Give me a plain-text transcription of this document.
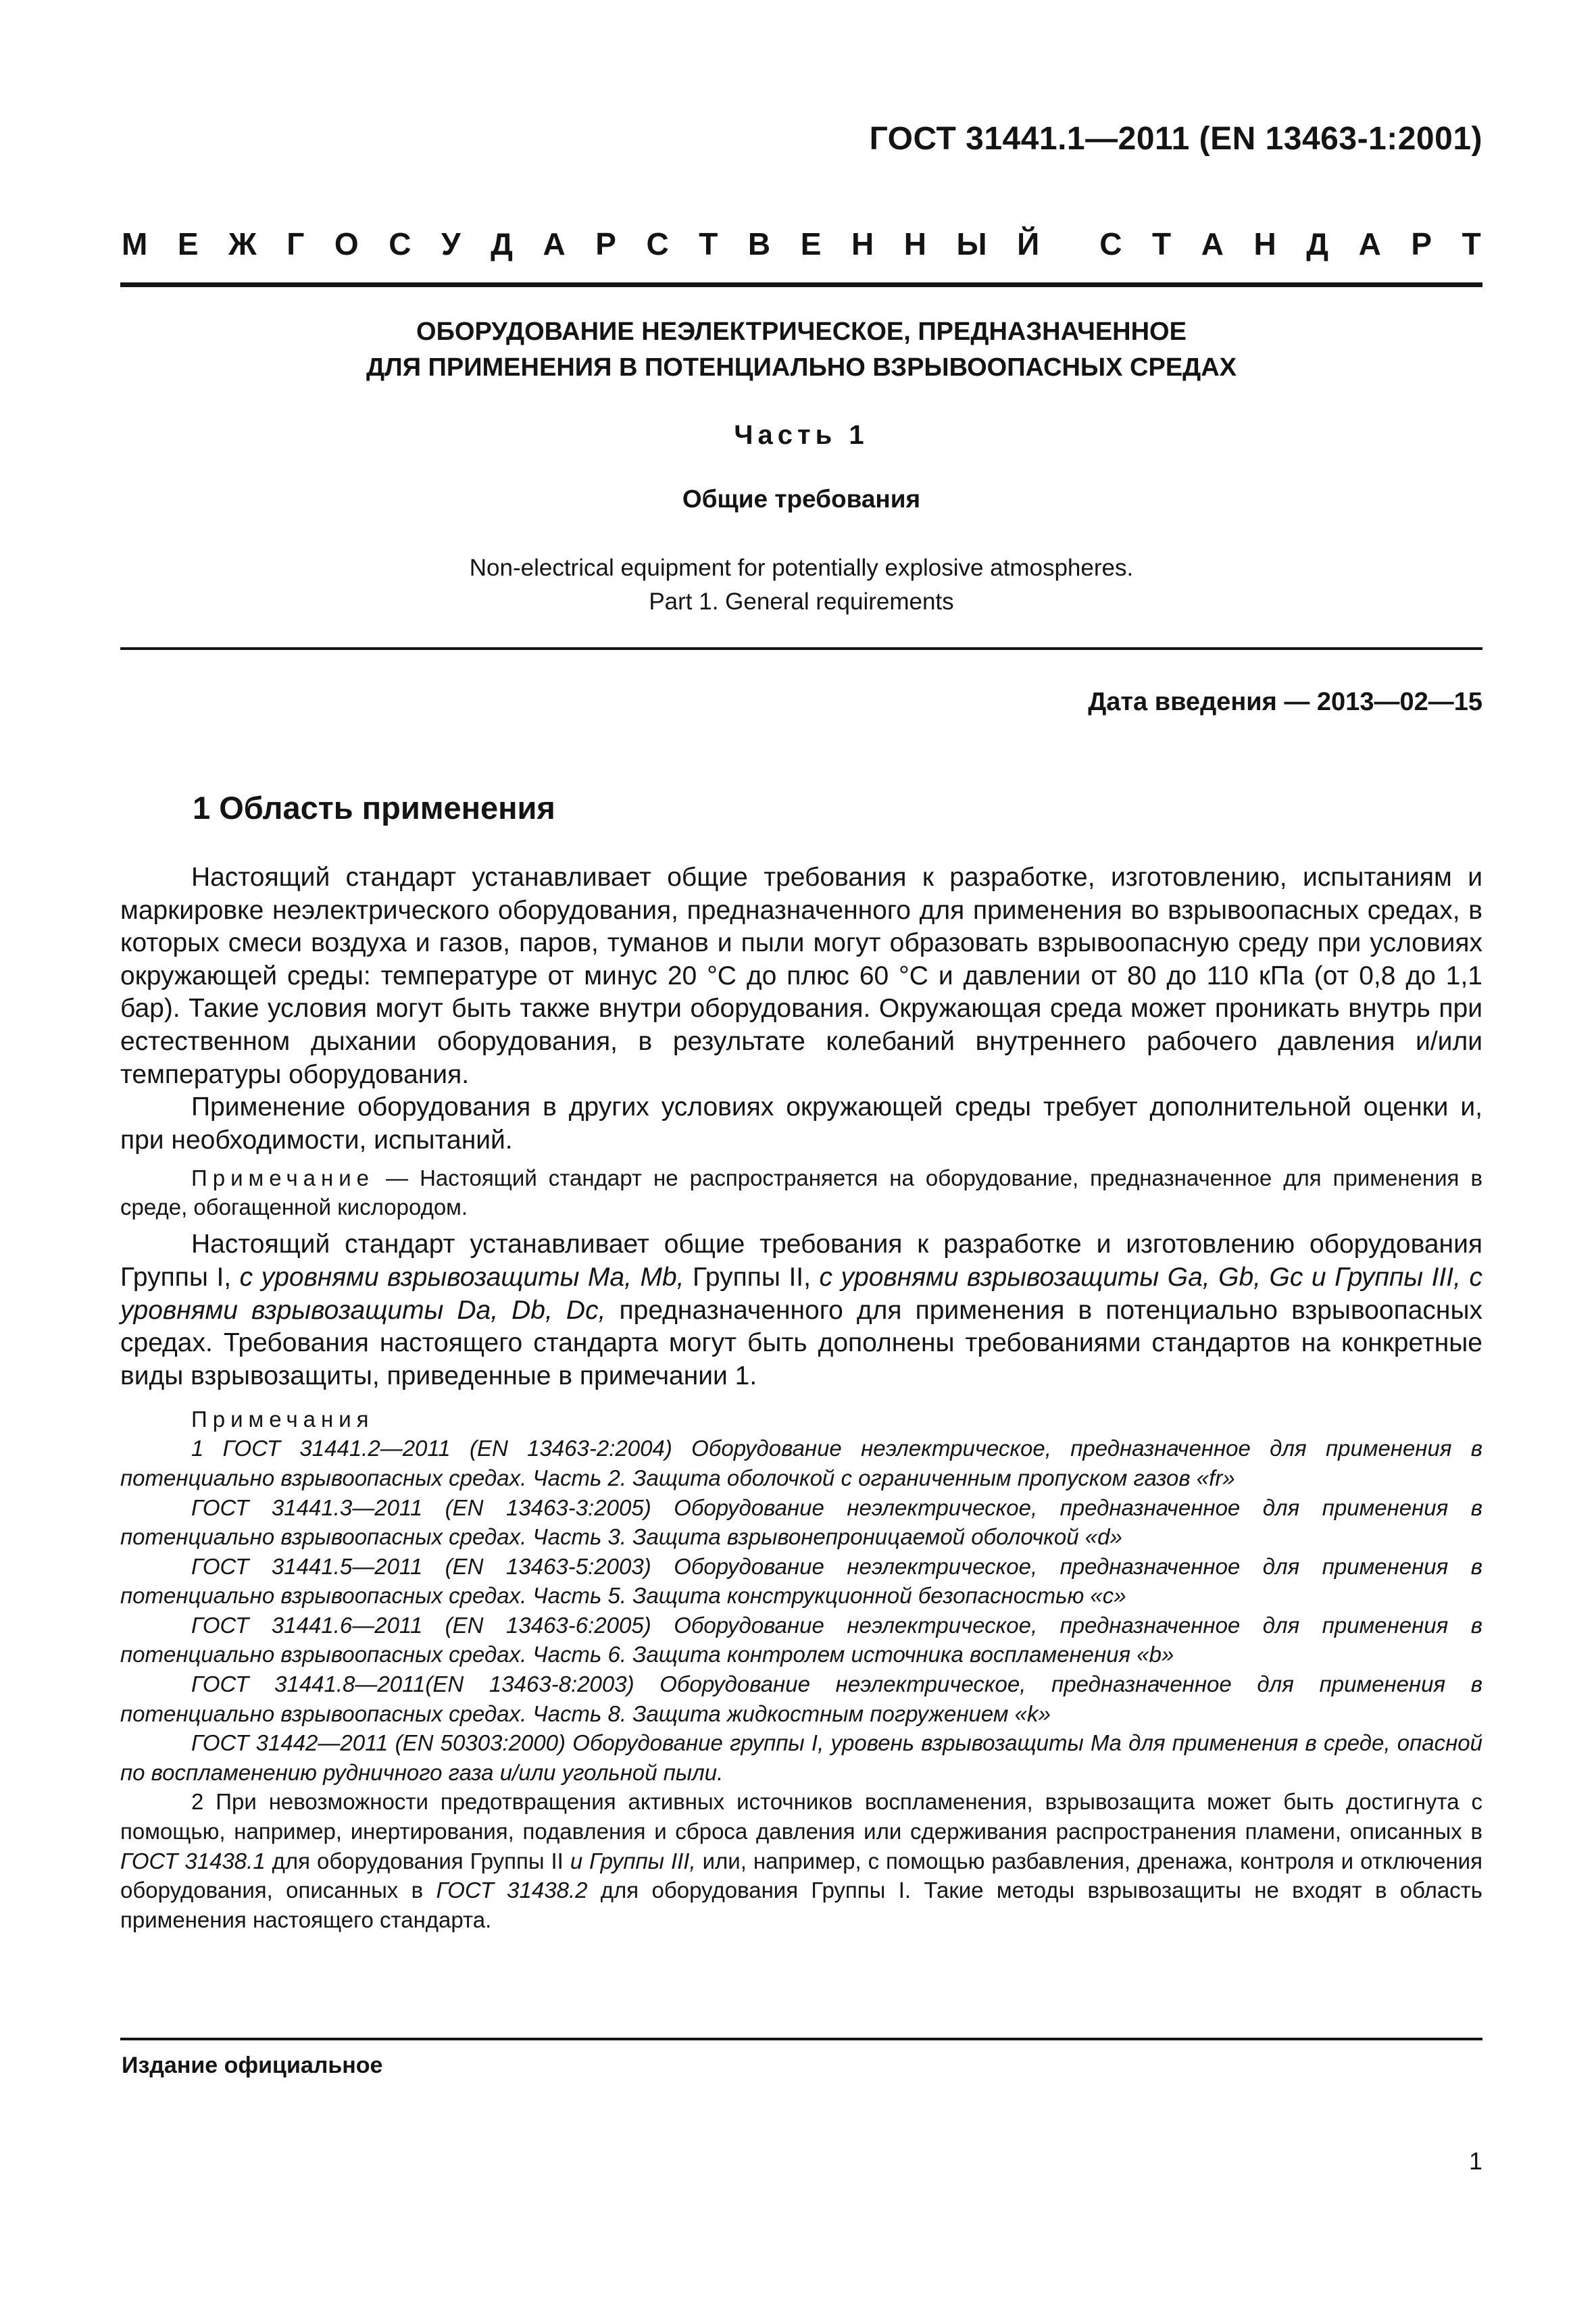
ГОСТ 31441.1—2011 (EN 13463-1:2001)
М Е Ж Г О С У Д А Р С Т В Е Н Н Ы Й С Т А Н Д А Р Т
ОБОРУДОВАНИЕ НЕЭЛЕКТРИЧЕСКОЕ, ПРЕДНАЗНАЧЕННОЕ
ДЛЯ ПРИМЕНЕНИЯ В ПОТЕНЦИАЛЬНО ВЗРЫВООПАСНЫХ СРЕДАХ
Часть 1
Общие требования
Non-electrical equipment for potentially explosive atmospheres.
Part 1. General requirements
Дата введения — 2013—02—15
1 Область применения

Настоящий стандарт устанавливает общие требования к разработке, изготовлению, испытаниям и маркировке неэлектрического оборудования, предназначенного для применения во взрывоопасных средах, в которых смеси воздуха и газов, паров, туманов и пыли могут образовать взрывоопасную среду при условиях окружающей среды: температуре от минус 20 °C до плюс 60 °C и давлении от 80 до 110 кПа (от 0,8 до 1,1 бар). Такие условия могут быть также внутри оборудования. Окружающая среда может проникать внутрь при естественном дыхании оборудования, в результате колебаний внутреннего рабочего давления и/или температуры оборудования.

Применение оборудования в других условиях окружающей среды требует дополнительной оценки и, при необходимости, испытаний.

Примечание — Настоящий стандарт не распространяется на оборудование, предназначенное для применения в среде, обогащенной кислородом.

Настоящий стандарт устанавливает общие требования к разработке и изготовлению оборудования Группы I, с уровнями взрывозащиты Ma, Mb, Группы II, с уровнями взрывозащиты Ga, Gb, Gc и Группы III, с уровнями взрывозащиты Da, Db, Dc, предназначенного для применения в потенциально взрывоопасных средах. Требования настоящего стандарта могут быть дополнены требованиями стандартов на конкретные виды взрывозащиты, приведенные в примечании 1.

Примечания

1 ГОСТ 31441.2—2011 (EN 13463-2:2004) Оборудование неэлектрическое, предназначенное для применения в потенциально взрывоопасных средах. Часть 2. Защита оболочкой с ограниченным пропуском газов «fr»

ГОСТ 31441.3—2011 (EN 13463-3:2005) Оборудование неэлектрическое, предназначенное для применения в потенциально взрывоопасных средах. Часть 3. Защита взрывонепроницаемой оболочкой «d»

ГОСТ 31441.5—2011 (EN 13463-5:2003) Оборудование неэлектрическое, предназначенное для применения в потенциально взрывоопасных средах. Часть 5. Защита конструкционной безопасностью «c»

ГОСТ 31441.6—2011 (EN 13463-6:2005) Оборудование неэлектрическое, предназначенное для применения в потенциально взрывоопасных средах. Часть 6. Защита контролем источника воспламенения «b»

ГОСТ 31441.8—2011(EN 13463-8:2003) Оборудование неэлектрическое, предназначенное для применения в потенциально взрывоопасных средах. Часть 8. Защита жидкостным погружением «k»

ГОСТ 31442—2011 (EN 50303:2000) Оборудование группы I, уровень взрывозащиты Ma для применения в среде, опасной по воспламенению рудничного газа и/или угольной пыли.

2 При невозможности предотвращения активных источников воспламенения, взрывозащита может быть достигнута с помощью, например, инертирования, подавления и сброса давления или сдерживания распространения пламени, описанных в ГОСТ 31438.1 для оборудования Группы II и Группы III, или, например, с помощью разбавления, дренажа, контроля и отключения оборудования, описанных в ГОСТ 31438.2 для оборудования Группы I. Такие методы взрывозащиты не входят в область применения настоящего стандарта.

Издание официальное
1
